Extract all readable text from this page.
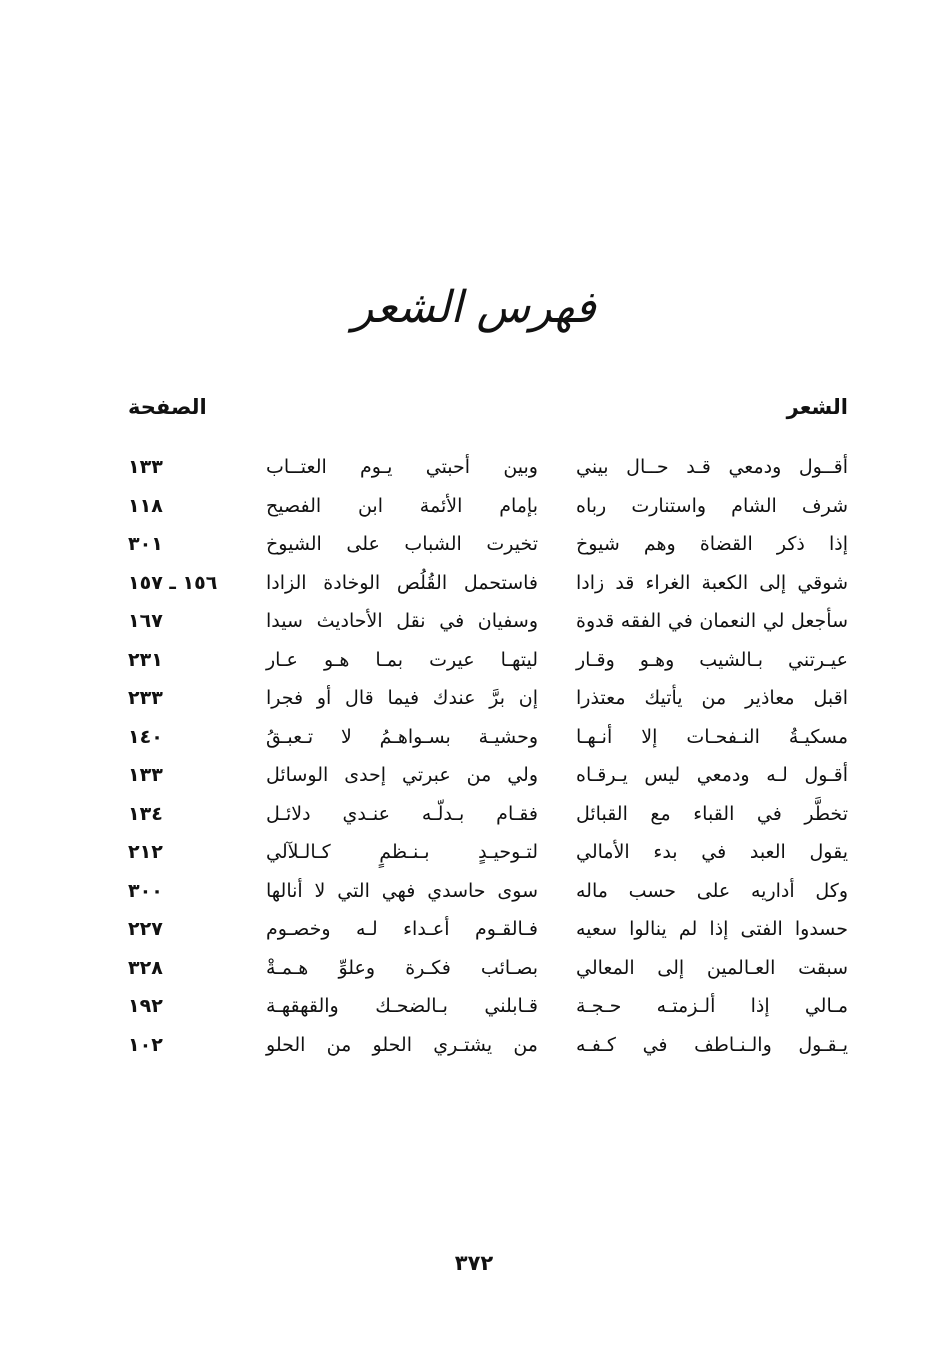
فهرس الشعر
الشعر
الصفحة
أقــول ودمعي قـد حــال بيني
وبين أحبتي يـوم العتــاب
١٣٣
شرف الشام واستنارت رباه
بإمام الأئمة ابن الفصيح
١١٨
إذا ذكر القضاة وهم شيوخ
تخيرت الشباب على الشيوخ
٣٠١
شوقي إلى الكعبة الغراء قد زادا
فاستحمل القُلُص الوخادة الزادا
١٥٦ ـ ١٥٧
سأجعل لي النعمان في الفقه قدوة
وسفيان في نقل الأحاديث سيدا
١٦٧
عيـرتني بـالشيب وهـو وقـار
ليتهـا عيرت بمـا هـو عـار
٢٣١
اقبل معاذير من يأتيك معتذرا
إن برَّ عندك فيما قال أو فجرا
٢٣٣
مسكيـةُ النـفحـات إلا أنـهـا
وحشيـة بسـواهـمُ لا تـعبـقُ
١٤٠
أقـول لـه ودمعي ليس يـرقـاه
ولي من عبرتي إحدى الوسائل
١٣٣
تخطَّر في القباء مع القبائل
فقـام بـدلّـه عنـدي دلائـل
١٣٤
يقول العبد في بدء الأمالي
لتـوحيـدٍ بـنـظمٍ كـالـلآلي
٢١٢
وكل أداريه على حسب ماله
سوى حاسدي فهي التي لا أنالها
٣٠٠
حسدوا الفتى إذا لم ينالوا سعيه
فـالقـوم أعـداء لـه وخصـوم
٢٢٧
سبقت العـالمين إلى المعالي
بصـائب فكـرة وعلوِّ هـمـةْ
٣٢٨
مـالي إذا ألـزمتـه حـجـة
قـابلني بـالضحـك والقهقهـة
١٩٢
يـقـول والـنـاطف في كـفـه
من يشتـري الحلو من الحلو
١٠٢
٣٧٢
